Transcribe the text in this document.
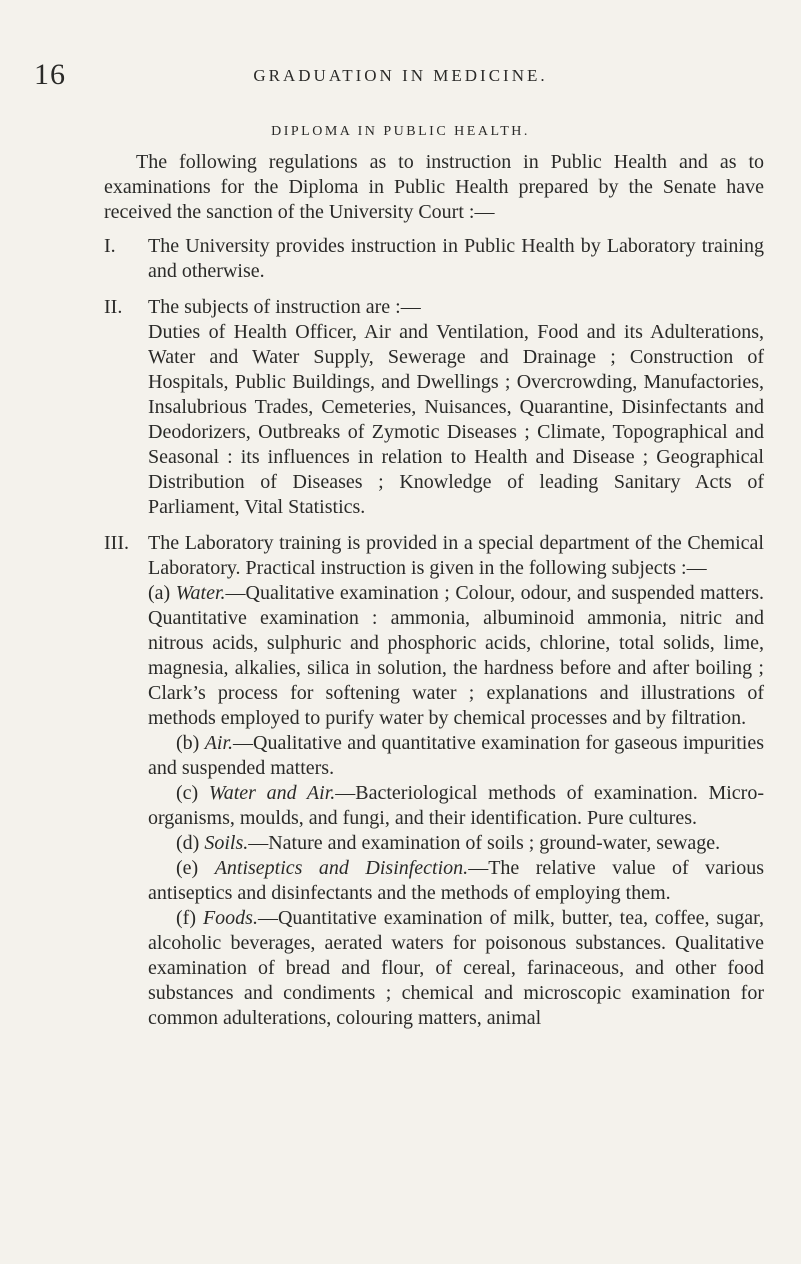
16	GRADUATION IN MEDICINE.
DIPLOMA IN PUBLIC HEALTH.

The following regulations as to instruction in Public Health and as to examinations for the Diploma in Public Health prepared by the Senate have received the sanction of the University Court :—

I. The University provides instruction in Public Health by Laboratory training and otherwise.

II. The subjects of instruction are :—
Duties of Health Officer, Air and Ventilation, Food and its Adulterations, Water and Water Supply, Sewerage and Drainage ; Construction of Hospitals, Public Buildings, and Dwellings ; Overcrowding, Manufactories, Insalubrious Trades, Cemeteries, Nuisances, Quarantine, Disinfectants and Deodorizers, Outbreaks of Zymotic Diseases ; Climate, Topographical and Seasonal : its influences in relation to Health and Disease ; Geographical Distribution of Diseases ; Knowledge of leading Sanitary Acts of Parliament, Vital Statistics.

III. The Laboratory training is provided in a special department of the Chemical Laboratory. Practical instruction is given in the following subjects :—

(a) Water.—Qualitative examination ; Colour, odour, and suspended matters. Quantitative examination : ammonia, albuminoid ammonia, nitric and nitrous acids, sulphuric and phosphoric acids, chlorine, total solids, lime, magnesia, alkalies, silica in solution, the hardness before and after boiling ; Clark’s process for softening water ; explanations and illustrations of methods employed to purify water by chemical processes and by filtration.

(b) Air.—Qualitative and quantitative examination for gaseous impurities and suspended matters.

(c) Water and Air.—Bacteriological methods of examination. Micro-organisms, moulds, and fungi, and their identification. Pure cultures.

(d) Soils.—Nature and examination of soils ; ground-water, sewage.

(e) Antiseptics and Disinfection.—The relative value of various antiseptics and disinfectants and the methods of employing them.

(f) Foods.—Quantitative examination of milk, butter, tea, coffee, sugar, alcoholic beverages, aerated waters for poisonous substances. Qualitative examination of bread and flour, of cereal, farinaceous, and other food substances and condiments ; chemical and microscopic examination for common adulterations, colouring matters, animal
